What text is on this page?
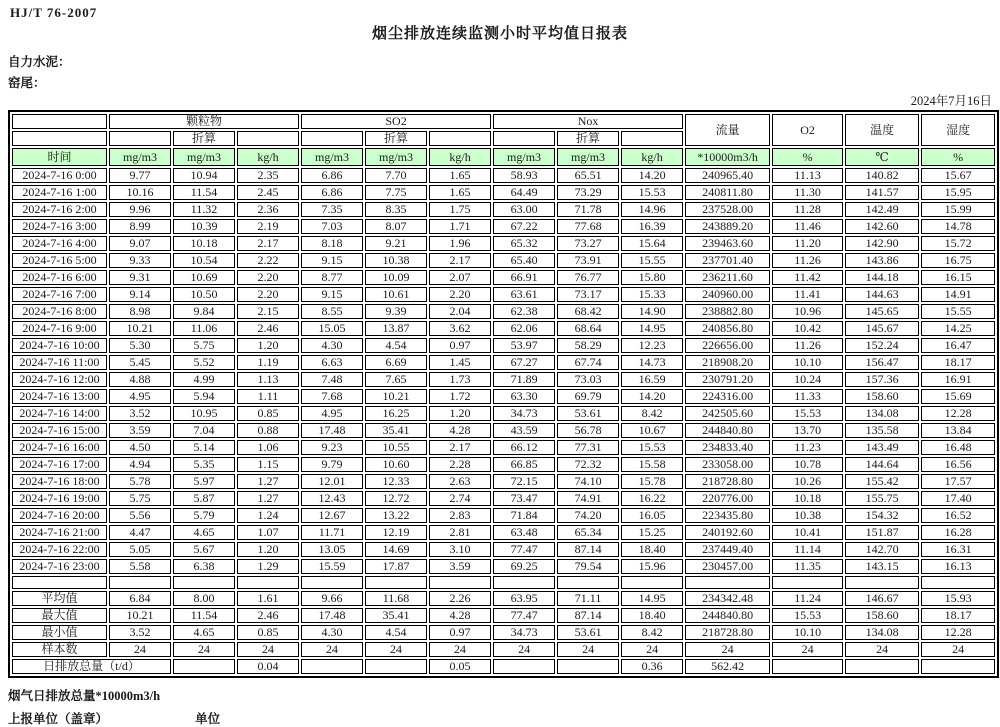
HJ/T 76-2007
烟尘排放连续监测小时平均值日报表
自力水泥：
窑尾：
2024年7月16日
	颗粒物			SO2			Nox			流量	O2	温度	湿度
		折算			折算			折算					
时间	mg/m3	mg/m3	kg/h	mg/m3	mg/m3	kg/h	mg/m3	mg/m3	kg/h	*10000m3/h	%	℃	%
2024-7-16 0:00	9.77	10.94	2.35	6.86	7.70	1.65	58.93	65.51	14.20	240965.40	11.13	140.82	15.67
2024-7-16 1:00	10.16	11.54	2.45	6.86	7.75	1.65	64.49	73.29	15.53	240811.80	11.30	141.57	15.95
2024-7-16 2:00	9.96	11.32	2.36	7.35	8.35	1.75	63.00	71.78	14.96	237528.00	11.28	142.49	15.99
2024-7-16 3:00	8.99	10.39	2.19	7.03	8.07	1.71	67.22	77.68	16.39	243889.20	11.46	142.60	14.78
2024-7-16 4:00	9.07	10.18	2.17	8.18	9.21	1.96	65.32	73.27	15.64	239463.60	11.20	142.90	15.72
2024-7-16 5:00	9.33	10.54	2.22	9.15	10.38	2.17	65.40	73.91	15.55	237701.40	11.26	143.86	16.75
2024-7-16 6:00	9.31	10.69	2.20	8.77	10.09	2.07	66.91	76.77	15.80	236211.60	11.42	144.18	16.15
2024-7-16 7:00	9.14	10.50	2.20	9.15	10.61	2.20	63.61	73.17	15.33	240960.00	11.41	144.63	14.91
2024-7-16 8:00	8.98	9.84	2.15	8.55	9.39	2.04	62.38	68.42	14.90	238882.80	10.96	145.65	15.55
2024-7-16 9:00	10.21	11.06	2.46	15.05	13.87	3.62	62.06	68.64	14.95	240856.80	10.42	145.67	14.25
2024-7-16 10:00	5.30	5.75	1.20	4.30	4.54	0.97	53.97	58.29	12.23	226656.00	11.26	152.24	16.47
2024-7-16 11:00	5.45	5.52	1.19	6.63	6.69	1.45	67.27	67.74	14.73	218908.20	10.10	156.47	18.17
2024-7-16 12:00	4.88	4.99	1.13	7.48	7.65	1.73	71.89	73.03	16.59	230791.20	10.24	157.36	16.91
2024-7-16 13:00	4.95	5.94	1.11	7.68	10.21	1.72	63.30	69.79	14.20	224316.00	11.33	158.60	15.69
2024-7-16 14:00	3.52	10.95	0.85	4.95	16.25	1.20	34.73	53.61	8.42	242505.60	15.53	134.08	12.28
2024-7-16 15:00	3.59	7.04	0.88	17.48	35.41	4.28	43.59	56.78	10.67	244840.80	13.70	135.58	13.84
2024-7-16 16:00	4.50	5.14	1.06	9.23	10.55	2.17	66.12	77.31	15.53	234833.40	11.23	143.49	16.48
2024-7-16 17:00	4.94	5.35	1.15	9.79	10.60	2.28	66.85	72.32	15.58	233058.00	10.78	144.64	16.56
2024-7-16 18:00	5.78	5.97	1.27	12.01	12.33	2.63	72.15	74.10	15.78	218728.80	10.26	155.42	17.57
2024-7-16 19:00	5.75	5.87	1.27	12.43	12.72	2.74	73.47	74.91	16.22	220776.00	10.18	155.75	17.40
2024-7-16 20:00	5.56	5.79	1.24	12.67	13.22	2.83	71.84	74.20	16.05	223435.80	10.38	154.32	16.52
2024-7-16 21:00	4.47	4.65	1.07	11.71	12.19	2.81	63.48	65.34	15.25	240192.60	10.41	151.87	16.28
2024-7-16 22:00	5.05	5.67	1.20	13.05	14.69	3.10	77.47	87.14	18.40	237449.40	11.14	142.70	16.31
2024-7-16 23:00	5.58	6.38	1.29	15.59	17.87	3.59	69.25	79.54	15.96	230457.00	11.35	143.15	16.13

平均值	6.84	8.00	1.61	9.66	11.68	2.26	63.95	71.11	14.95	234342.48	11.24	146.67	15.93
最大值	10.21	11.54	2.46	17.48	35.41	4.28	77.47	87.14	18.40	244840.80	15.53	158.60	18.17
最小值	3.52	4.65	0.85	4.30	4.54	0.97	34.73	53.61	8.42	218728.80	10.10	134.08	12.28
样本数	24	24	24	24	24	24	24	24	24	24	24	24	24
日排放总量（t/d）			0.04			0.05			0.36	562.42			
烟气日排放总量*10000m3/h
上报单位（盖章）	单位
